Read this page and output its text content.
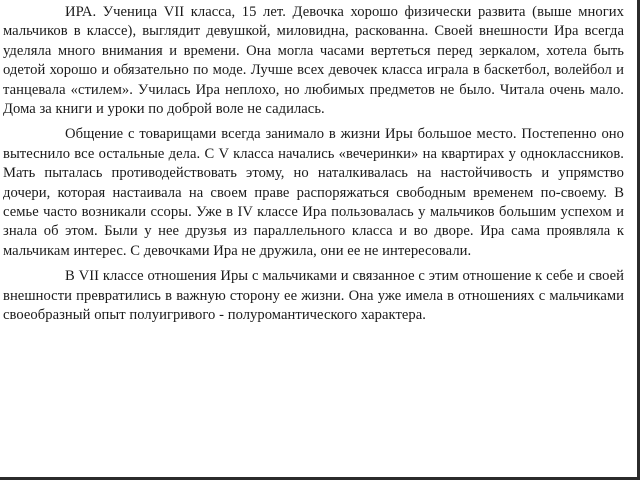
ИРА. Ученица VII класса, 15 лет. Девочка хорошо физически развита (выше многих мальчиков в классе), выглядит девушкой, миловидна, раскованна. Своей внешности Ира всегда уделяла много внимания и времени. Она могла часами вертеться перед зеркалом, хотела быть одетой хорошо и обязательно по моде. Лучше всех девочек класса играла в баскетбол, волейбол и танцевала «стилем». Училась Ира неплохо, но любимых предметов не было. Читала очень мало. Дома за книги и уроки по доброй воле не садилась.

Общение с товарищами всегда занимало в жизни Иры большое место. Постепенно оно вытеснило все остальные дела. С V класса начались «вечеринки» на квартирах у одноклассников. Мать пыталась противодействовать этому, но наталкивалась на настойчивость и упрямство дочери, которая настаивала на своем праве распоряжаться свободным временем по-своему. В семье часто возникали ссоры. Уже в IV классе Ира пользовалась у мальчиков большим успехом и знала об этом. Были у нее друзья из параллельного класса и во дворе. Ира сама проявляла к мальчикам интерес. С девочками Ира не дружила, они ее не интересовали.

В VII классе отношения Иры с мальчиками и связанное с этим отношение к себе и своей внешности превратились в важную сторону ее жизни. Она уже имела в отношениях с мальчиками своеобразный опыт полуигривого - полуромантического характера.
